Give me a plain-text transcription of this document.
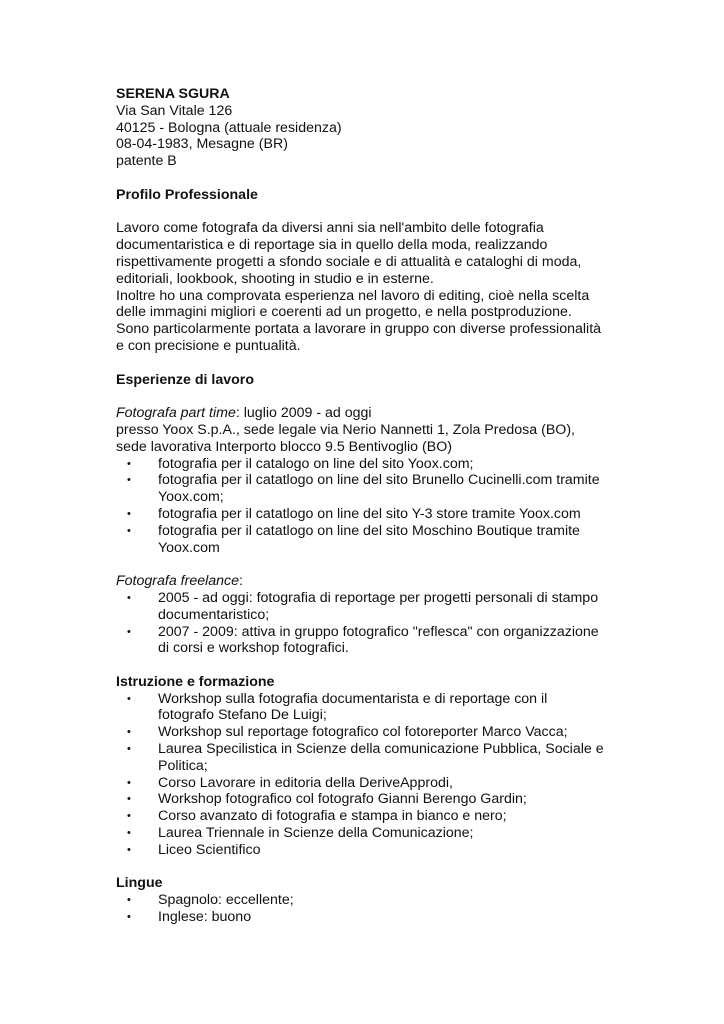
SERENA SGURA
Via San Vitale 126
40125 - Bologna (attuale residenza)
08-04-1983, Mesagne (BR)
patente B
Profilo Professionale
Lavoro come fotografa da diversi anni sia nell'ambito delle fotografia
documentaristica e di reportage sia in quello della moda, realizzando
rispettivamente progetti a sfondo sociale e di attualità e cataloghi di moda,
editoriali, lookbook, shooting in studio e in esterne.
Inoltre ho una comprovata esperienza nel lavoro di editing, cioè nella scelta
delle immagini migliori e coerenti ad un progetto, e nella postproduzione.
Sono particolarmente portata a lavorare in gruppo con diverse professionalità
e con precisione e puntualità.
Esperienze di lavoro
Fotografa part time: luglio 2009 - ad oggi
presso Yoox S.p.A., sede legale via Nerio Nannetti 1, Zola Predosa (BO),
sede lavorativa Interporto blocco 9.5 Bentivoglio (BO)
• fotografia per il catalogo on line del sito Yoox.com;
• fotografia per il catatlogo on line del sito Brunello Cucinelli.com tramite
Yoox.com;
• fotografia per il catatlogo on line del sito Y-3 store tramite Yoox.com
• fotografia per il catatlogo on line del sito Moschino Boutique tramite
Yoox.com
Fotografa freelance:
• 2005 - ad oggi: fotografia di reportage per progetti personali di stampo
documentaristico;
• 2007 - 2009: attiva in gruppo fotografico "reflesca" con organizzazione
di corsi e workshop fotografici.
Istruzione e formazione
• Workshop sulla fotografia documentarista e di reportage con il
fotografo Stefano De Luigi;
• Workshop sul reportage fotografico col fotoreporter Marco Vacca;
• Laurea Specilistica in Scienze della comunicazione Pubblica, Sociale e
Politica;
• Corso Lavorare in editoria della DeriveApprodi,
• Workshop fotografico col fotografo Gianni Berengo Gardin;
• Corso avanzato di fotografia e stampa in bianco e nero;
• Laurea Triennale in Scienze della Comunicazione;
• Liceo Scientifico
Lingue
• Spagnolo: eccellente;
• Inglese: buono
